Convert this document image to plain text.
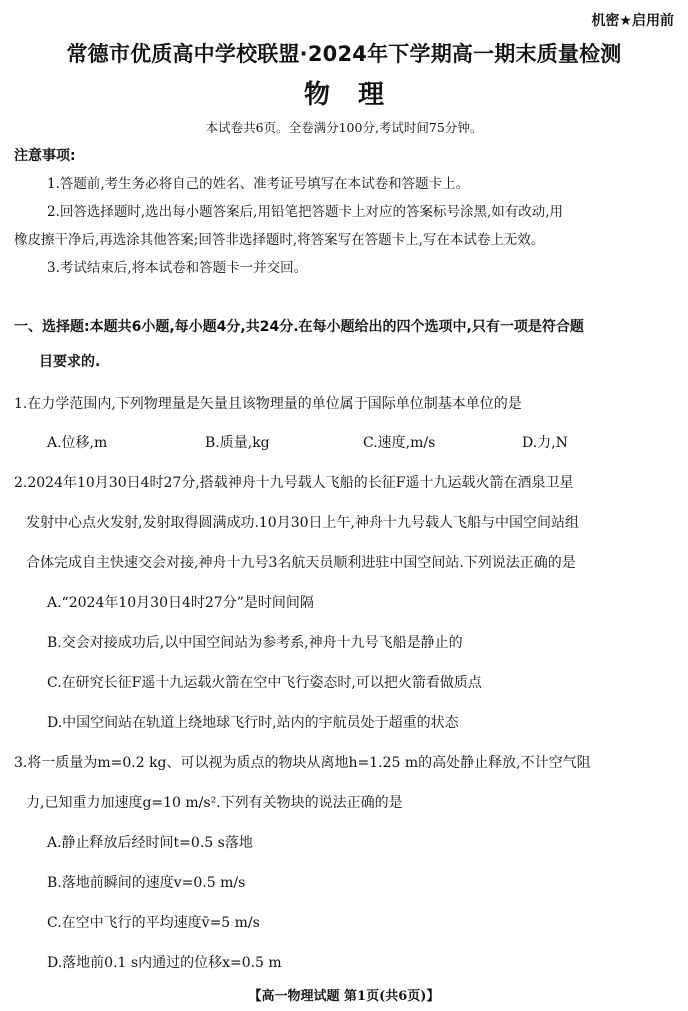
机密★启用前
常德市优质高中学校联盟·2024年下学期高一期末质量检测
物理
本试卷共6页。全卷满分100分,考试时间75分钟。
注意事项:
1.答题前,考生务必将自己的姓名、准考证号填写在本试卷和答题卡上。
2.回答选择题时,选出每小题答案后,用铅笔把答题卡上对应的答案标号涂黑,如有改动,用
橡皮擦干净后,再选涂其他答案;回答非选择题时,将答案写在答题卡上,写在本试卷上无效。
3.考试结束后,将本试卷和答题卡一并交回。
一、选择题:本题共6小题,每小题4分,共24分.在每小题给出的四个选项中,只有一项是符合题
目要求的.
1.在力学范围内,下列物理量是矢量且该物理量的单位属于国际单位制基本单位的是
A.位移,m	B.质量,kg	C.速度,m/s	D.力,N
2.2024年10月30日4时27分,搭载神舟十九号载人飞船的长征F遥十九运载火箭在酒泉卫星
发射中心点火发射,发射取得圆满成功.10月30日上午,神舟十九号载人飞船与中国空间站组
合体完成自主快速交会对接,神舟十九号3名航天员顺利进驻中国空间站.下列说法正确的是
A.“2024年10月30日4时27分”是时间间隔
B.交会对接成功后,以中国空间站为参考系,神舟十九号飞船是静止的
C.在研究长征F遥十九运载火箭在空中飞行姿态时,可以把火箭看做质点
D.中国空间站在轨道上绕地球飞行时,站内的宇航员处于超重的状态
3.将一质量为m=0.2 kg、可以视为质点的物块从离地h=1.25 m的高处静止释放,不计空气阻
力,已知重力加速度g=10 m/s².下列有关物块的说法正确的是
A.静止释放后经时间t=0.5 s落地
B.落地前瞬间的速度v=0.5 m/s
C.在空中飞行的平均速度v̄=5 m/s
D.落地前0.1 s内通过的位移x=0.5 m
【高一物理试题 第1页(共6页)】
